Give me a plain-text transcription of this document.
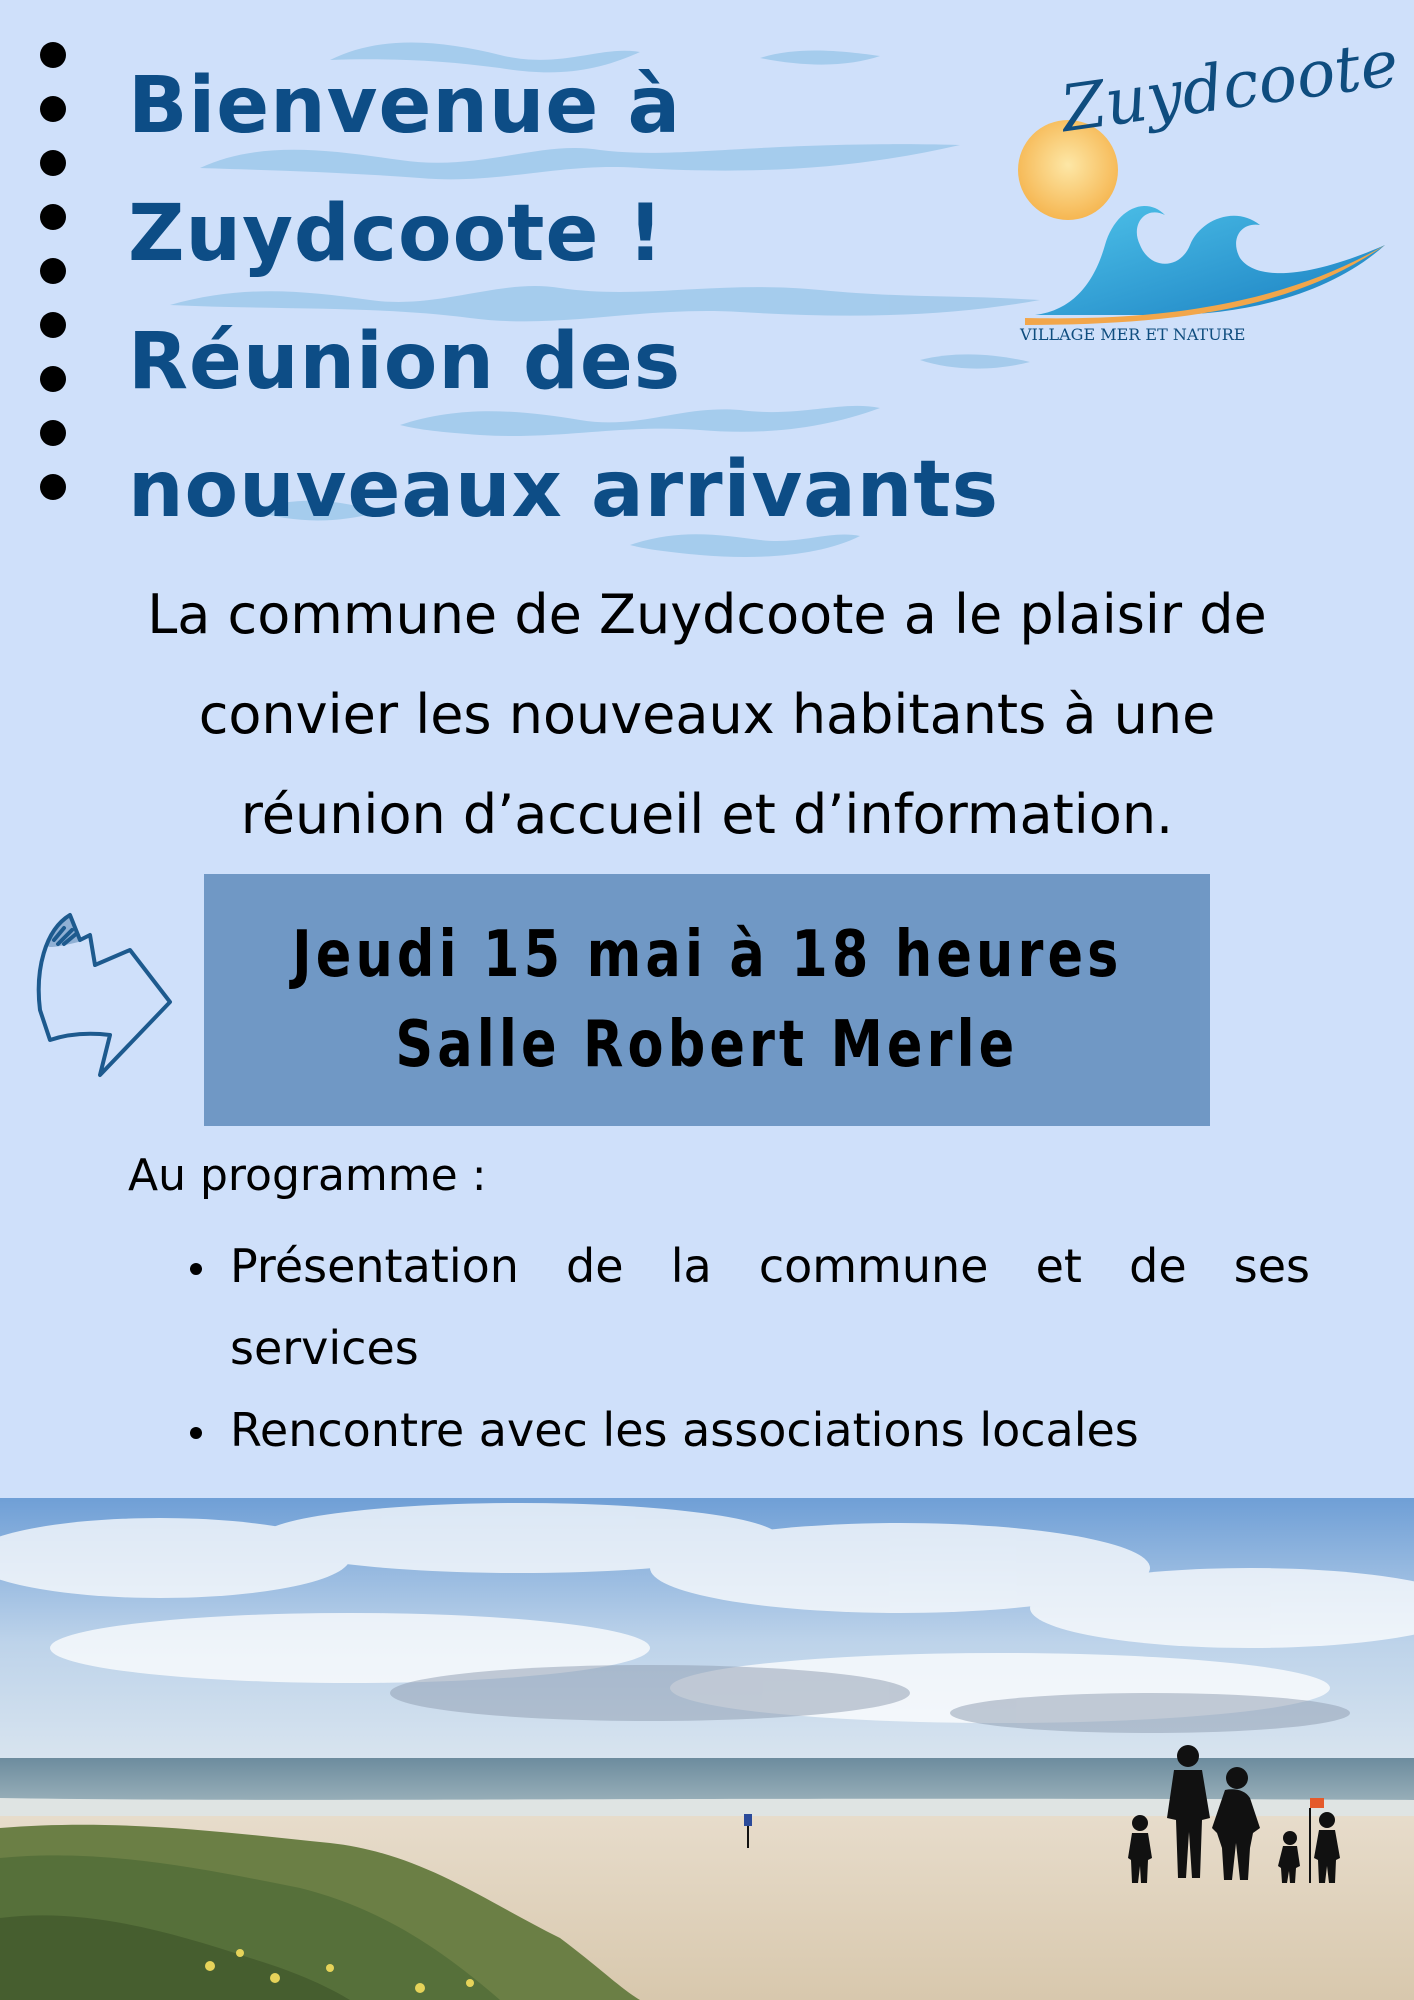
Bienvenue à
Zuydcoote !
Réunion des
nouveaux arrivants
Zuydcoote
VILLAGE MER ET NATURE
La commune de Zuydcoote a le plaisir de
convier les nouveaux habitants à une
réunion d’accueil et d’information.
Jeudi 15 mai à 18 heures
Salle Robert Merle
Au programme :
Présentation de la commune et de ses services
Rencontre avec les associations locales
